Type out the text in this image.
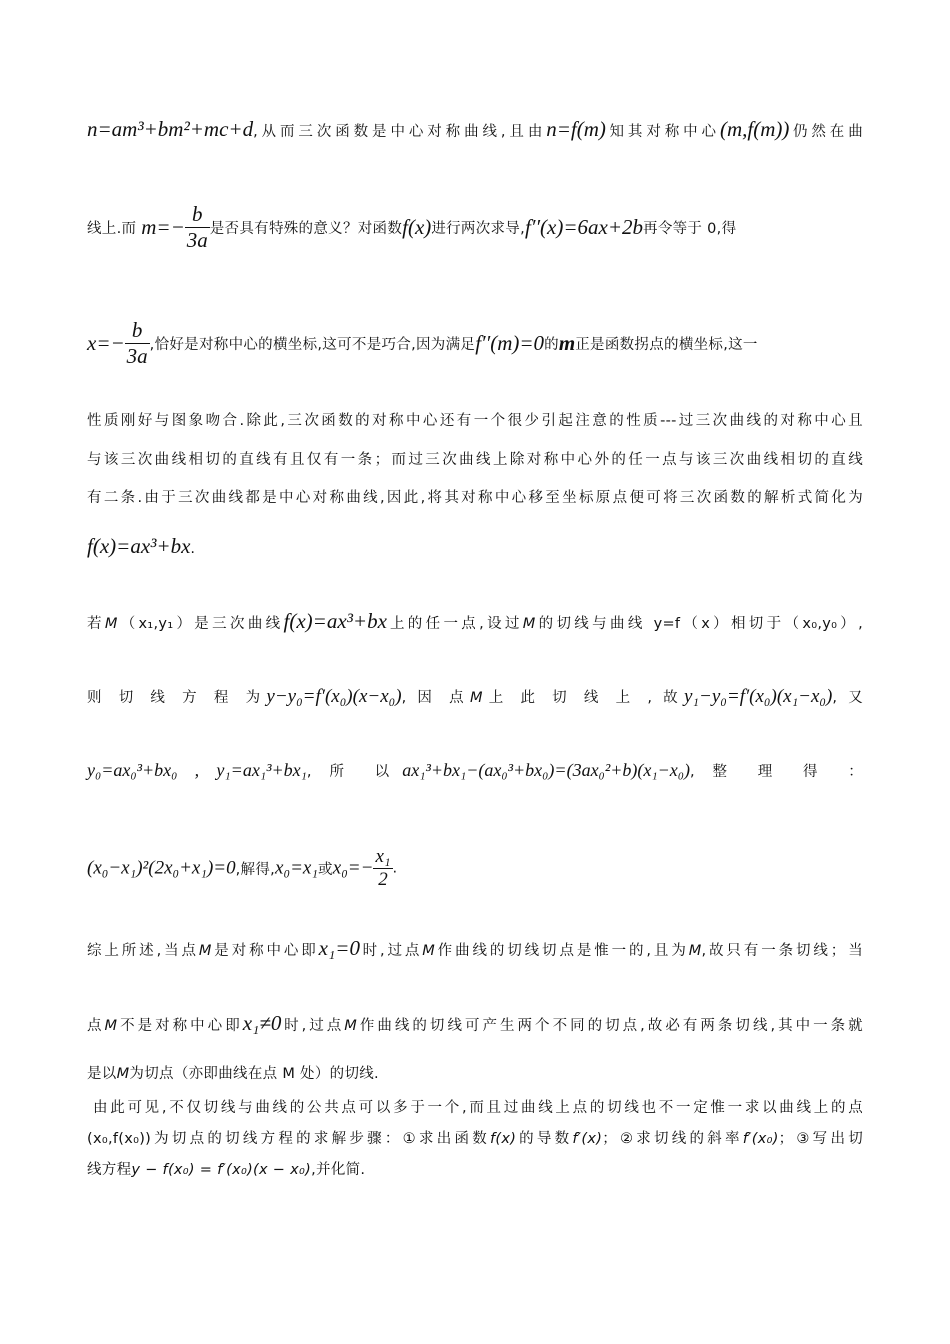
n=am³+bm²+mc+d,从而三次函数是中心对称曲线,且由n=f(m)知其对称中心(m,f(m))仍然在曲
线上.而 $m=- \frac{b}{3a}$ 是否具有特殊的意义？对函数f(x)进行两次求导,f′′(x)=6ax+2b再令等于 0,得
$x=- \frac{b}{3a}$ ,恰好是对称中心的横坐标,这可不是巧合,因为满足f′′(m)=0的m正是函数拐点的横坐标,这一
性质刚好与图象吻合.除此,三次函数的对称中心还有一个很少引起注意的性质---过三次曲线的对称中心且
与该三次曲线相切的直线有且仅有一条；而过三次曲线上除对称中心外的任一点与该三次曲线相切的直线
有二条.由于三次曲线都是中心对称曲线,因此,将其对称中心移至坐标原点便可将三次函数的解析式简化为
f(x)=ax³+bx.
若M（x₁,y₁）是三次曲线f(x)=ax³+bx上的任一点,设过M的切线与曲线 y=f（x）相切于（x₀,y₀）,
则 切 线 方 程 为y−y₀=f′(x₀)(x−x₀), 因 点M上 此 切 线 上 , 故y₁−y₀=f′(x₀)(x₁−x₀), 又
y₀=ax₀³+bx₀ , y₁=ax₁³+bx₁, 所 以ax₁³+bx₁−(ax₀³+bx₀)=(3ax₀²+b)(x₁−x₀), 整 理 得 ：
(x₀−x₁)²(2x₀+x₁)=0,解得,x₀=x₁或$x_0=- \frac{\text{x₁}}{2}$ .
综上所述,当点M是对称中心即x₁=0时,过点M作曲线的切线切点是惟一的,且为M,故只有一条切线；当
点M不是对称中心即x₁≠0时,过点M作曲线的切线可产生两个不同的切点,故必有两条切线,其中一条就
是以M为切点（亦即曲线在点 M 处）的切线.
由此可见,不仅切线与曲线的公共点可以多于一个,而且过曲线上点的切线也不一定惟一求以曲线上的点
(x₀,f(x₀))为切点的切线方程的求解步骤：①求出函数f(x)的导数f′(x)；②求切线的斜率f′(x₀)；③写出切
线方程y − f(x₀) = f′(x₀)(x − x₀),并化简.
